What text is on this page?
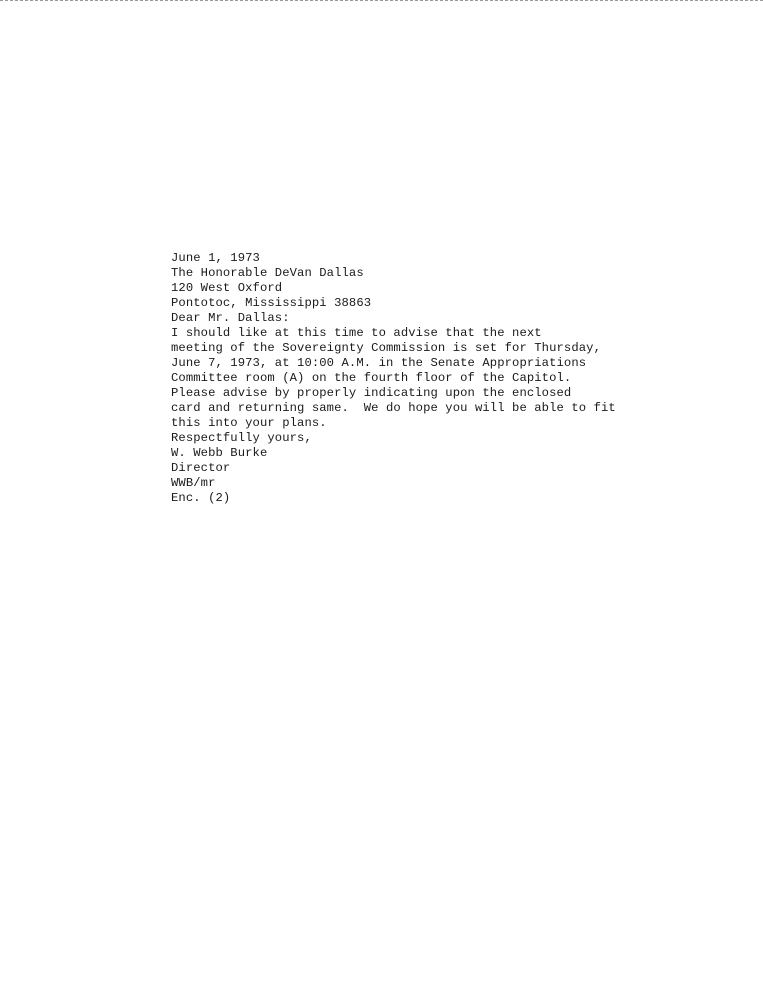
June 1, 1973
The Honorable DeVan Dallas
120 West Oxford
Pontotoc, Mississippi 38863
Dear Mr. Dallas:
I should like at this time to advise that the next
meeting of the Sovereignty Commission is set for Thursday,
June 7, 1973, at 10:00 A.M. in the Senate Appropriations
Committee room (A) on the fourth floor of the Capitol.
Please advise by properly indicating upon the enclosed
card and returning same.  We do hope you will be able to fit
this into your plans.
Respectfully yours,
W. Webb Burke
Director
WWB/mr
Enc. (2)
